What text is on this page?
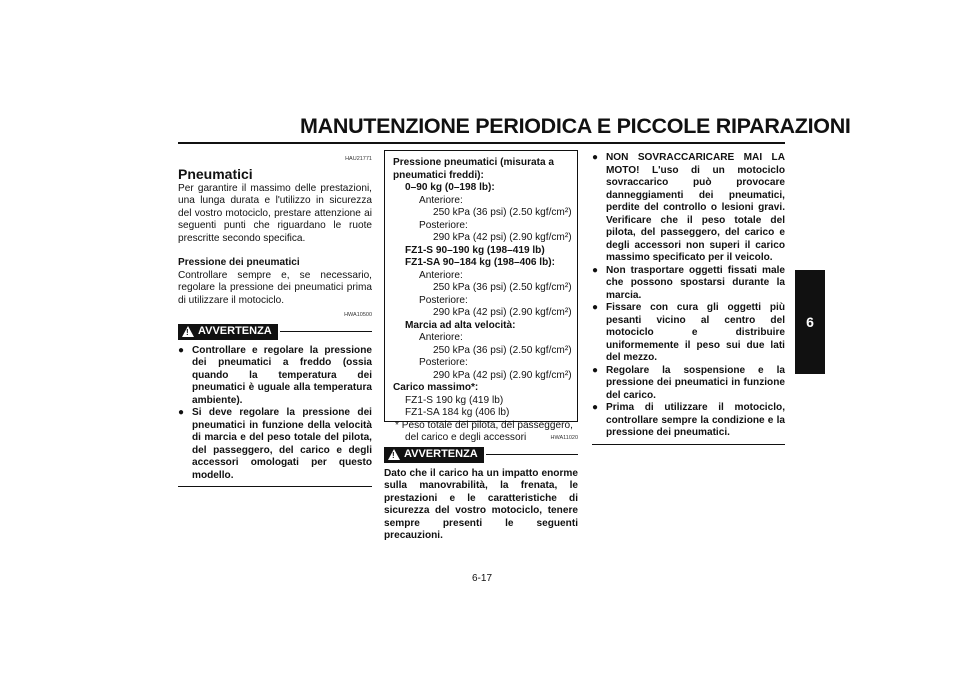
MANUTENZIONE PERIODICA E PICCOLE RIPARAZIONI
6
HAU21771
Pneumatici

Per garantire il massimo delle prestazioni, una lunga durata e l'utilizzo in sicurezza del vostro motociclo, prestare attenzione ai seguenti punti che riguardano le ruote prescritte secondo specifica.

Pressione dei pneumatici

Controllare sempre e, se necessario, regolare la pressione dei pneumatici prima di utilizzare il motociclo.

HWA10500
!
AVVERTENZA
● Controllare e regolare la pressione dei pneumatici a freddo (ossia quando la temperatura dei pneumatici è uguale alla temperatura ambiente).
● Si deve regolare la pressione dei pneumatici in funzione della velocità di marcia e del peso totale del pilota, del passeggero, del carico e degli accessori omologati per questo modello.
Pressione pneumatici (misurata a pneumatici freddi):
0–90 kg (0–198 lb):
Anteriore:
250 kPa (36 psi) (2.50 kgf/cm²)
Posteriore:
290 kPa (42 psi) (2.90 kgf/cm²)
FZ1-S 90–190 kg (198–419 lb)
FZ1-SA 90–184 kg (198–406 lb):
Anteriore:
250 kPa (36 psi) (2.50 kgf/cm²)
Posteriore:
290 kPa (42 psi) (2.90 kgf/cm²)
Marcia ad alta velocità:
Anteriore:
250 kPa (36 psi) (2.50 kgf/cm²)
Posteriore:
290 kPa (42 psi) (2.90 kgf/cm²)
Carico massimo*:
FZ1-S 190 kg (419 lb)
FZ1-SA 184 kg (406 lb)
* Peso totale del pilota, del passeggero, del carico e degli accessori	HWA11020
!
AVVERTENZA

Dato che il carico ha un impatto enorme sulla manovrabilità, la frenata, le prestazioni e le caratteristiche di sicurezza del vostro motociclo, tenere sempre presenti le seguenti precauzioni.

● NON SOVRACCARICARE MAI LA MOTO! L'uso di un motociclo sovraccarico può provocare danneggiamenti dei pneumatici, perdite del controllo o lesioni gravi. Verificare che il peso totale del pilota, del passeggero, del carico e degli accessori non superi il carico massimo specificato per il veicolo.
● Non trasportare oggetti fissati male che possono spostarsi durante la marcia.
● Fissare con cura gli oggetti più pesanti vicino al centro del motociclo e distribuire uniformemente il peso sui due lati del mezzo.
● Regolare la sospensione e la pressione dei pneumatici in funzione del carico.
● Prima di utilizzare il motociclo, controllare sempre la condizione e la pressione dei pneumatici.
6-17
